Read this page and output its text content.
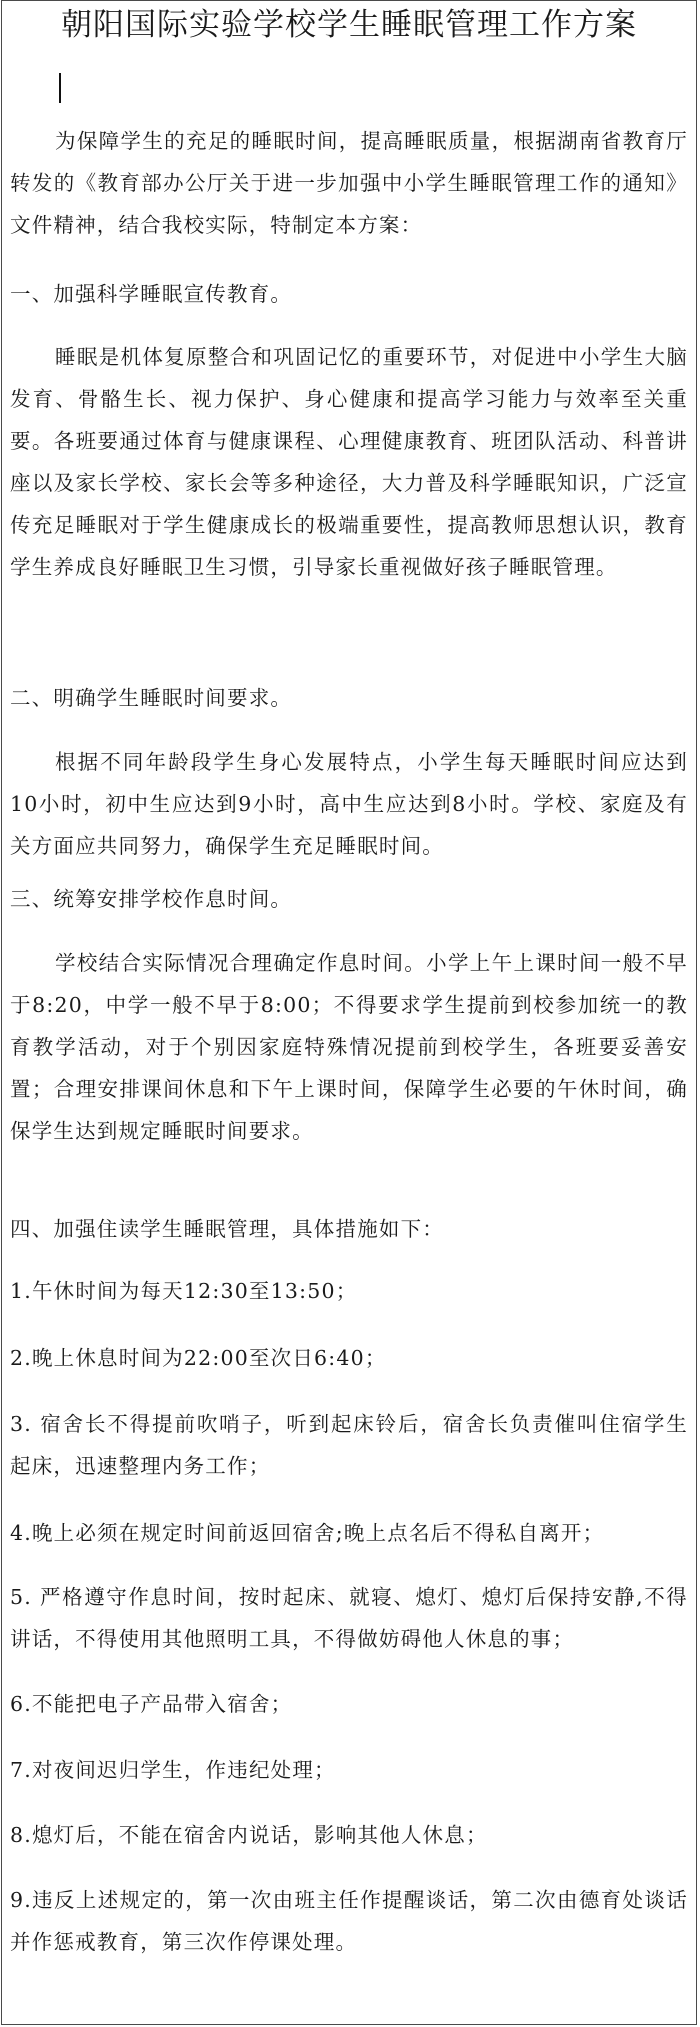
朝阳国际实验学校学生睡眠管理工作方案

为保障学生的充足的睡眠时间，提高睡眠质量，根据湖南省教育厅转发的《教育部办公厅关于进一步加强中小学生睡眠管理工作的通知》文件精神，结合我校实际，特制定本方案：

一、加强科学睡眠宣传教育。

睡眠是机体复原整合和巩固记忆的重要环节，对促进中小学生大脑发育、骨骼生长、视力保护、身心健康和提高学习能力与效率至关重要。各班要通过体育与健康课程、心理健康教育、班团队活动、科普讲座以及家长学校、家长会等多种途径，大力普及科学睡眠知识，广泛宣传充足睡眠对于学生健康成长的极端重要性，提高教师思想认识，教育学生养成良好睡眠卫生习惯，引导家长重视做好孩子睡眠管理。

二、明确学生睡眠时间要求。

根据不同年龄段学生身心发展特点，小学生每天睡眠时间应达到10小时，初中生应达到9小时，高中生应达到8小时。学校、家庭及有关方面应共同努力，确保学生充足睡眠时间。

三、统筹安排学校作息时间。

学校结合实际情况合理确定作息时间。小学上午上课时间一般不早于8:20，中学一般不早于8:00；不得要求学生提前到校参加统一的教育教学活动，对于个别因家庭特殊情况提前到校学生，各班要妥善安置；合理安排课间休息和下午上课时间，保障学生必要的午休时间，确保学生达到规定睡眠时间要求。

四、加强住读学生睡眠管理，具体措施如下：

1.午休时间为每天12:30至13:50；

2.晚上休息时间为22:00至次日6:40；

3. 宿舍长不得提前吹哨子，听到起床铃后，宿舍长负责催叫住宿学生起床，迅速整理内务工作；

4.晚上必须在规定时间前返回宿舍;晚上点名后不得私自离开；

5. 严格遵守作息时间，按时起床、就寝、熄灯、熄灯后保持安静,不得讲话，不得使用其他照明工具，不得做妨碍他人休息的事；

6.不能把电子产品带入宿舍；

7.对夜间迟归学生，作违纪处理；

8.熄灯后，不能在宿舍内说话，影响其他人休息；

9.违反上述规定的，第一次由班主任作提醒谈话，第二次由德育处谈话并作惩戒教育，第三次作停课处理。
